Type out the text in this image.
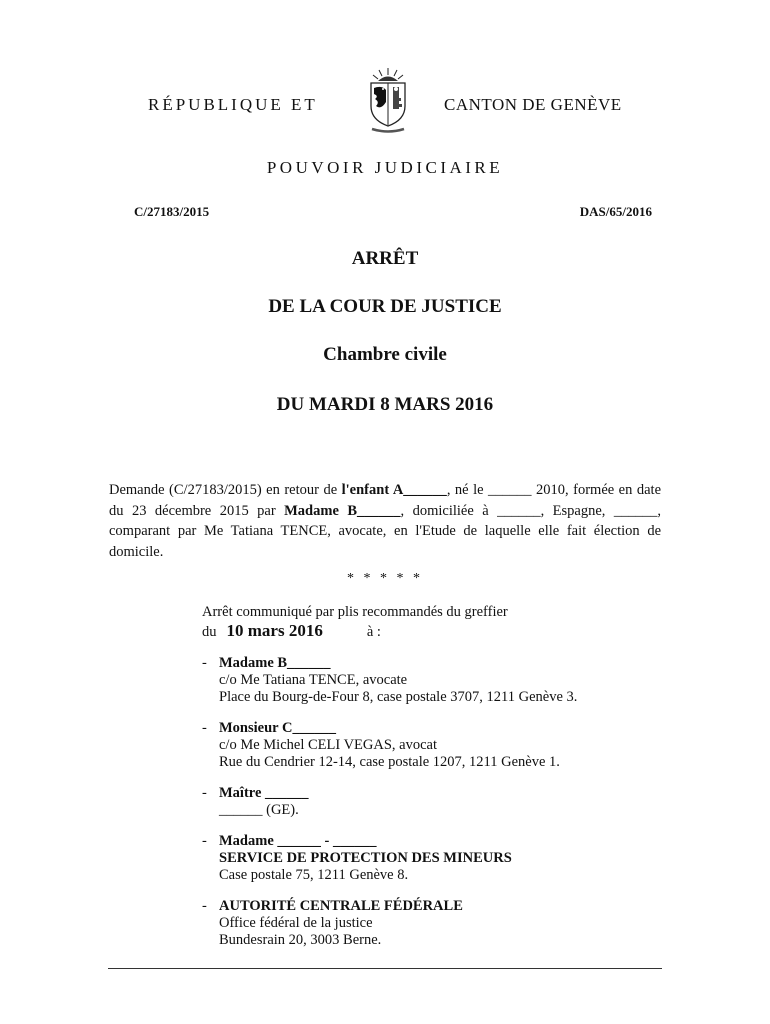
RÉPUBLIQUE ET	CANTON DE GENÈVE
POUVOIR JUDICIAIRE
C/27183/2015	DAS/65/2016
ARRÊT
DE LA COUR DE JUSTICE
Chambre civile
DU MARDI 8 MARS 2016
Demande (C/27183/2015) en retour de l'enfant A______, né le ______ 2010, formée en date du 23 décembre 2015 par Madame B______, domiciliée à ______, Espagne, ______, comparant par Me Tatiana TENCE, avocate, en l'Etude de laquelle elle fait élection de domicile.
* * * * *
Arrêt communiqué par plis recommandés du greffier
du 10 mars 2016	à :
- Madame B______
c/o Me Tatiana TENCE, avocate
Place du Bourg-de-Four 8, case postale 3707, 1211 Genève 3.
- Monsieur C______
c/o Me Michel CELI VEGAS, avocat
Rue du Cendrier 12-14, case postale 1207, 1211 Genève 1.
- Maître ______
______ (GE).
- Madame ______ - ______
SERVICE DE PROTECTION DES MINEURS
Case postale 75, 1211 Genève 8.
- AUTORITÉ CENTRALE FÉDÉRALE
Office fédéral de la justice
Bundesrain 20, 3003 Berne.
